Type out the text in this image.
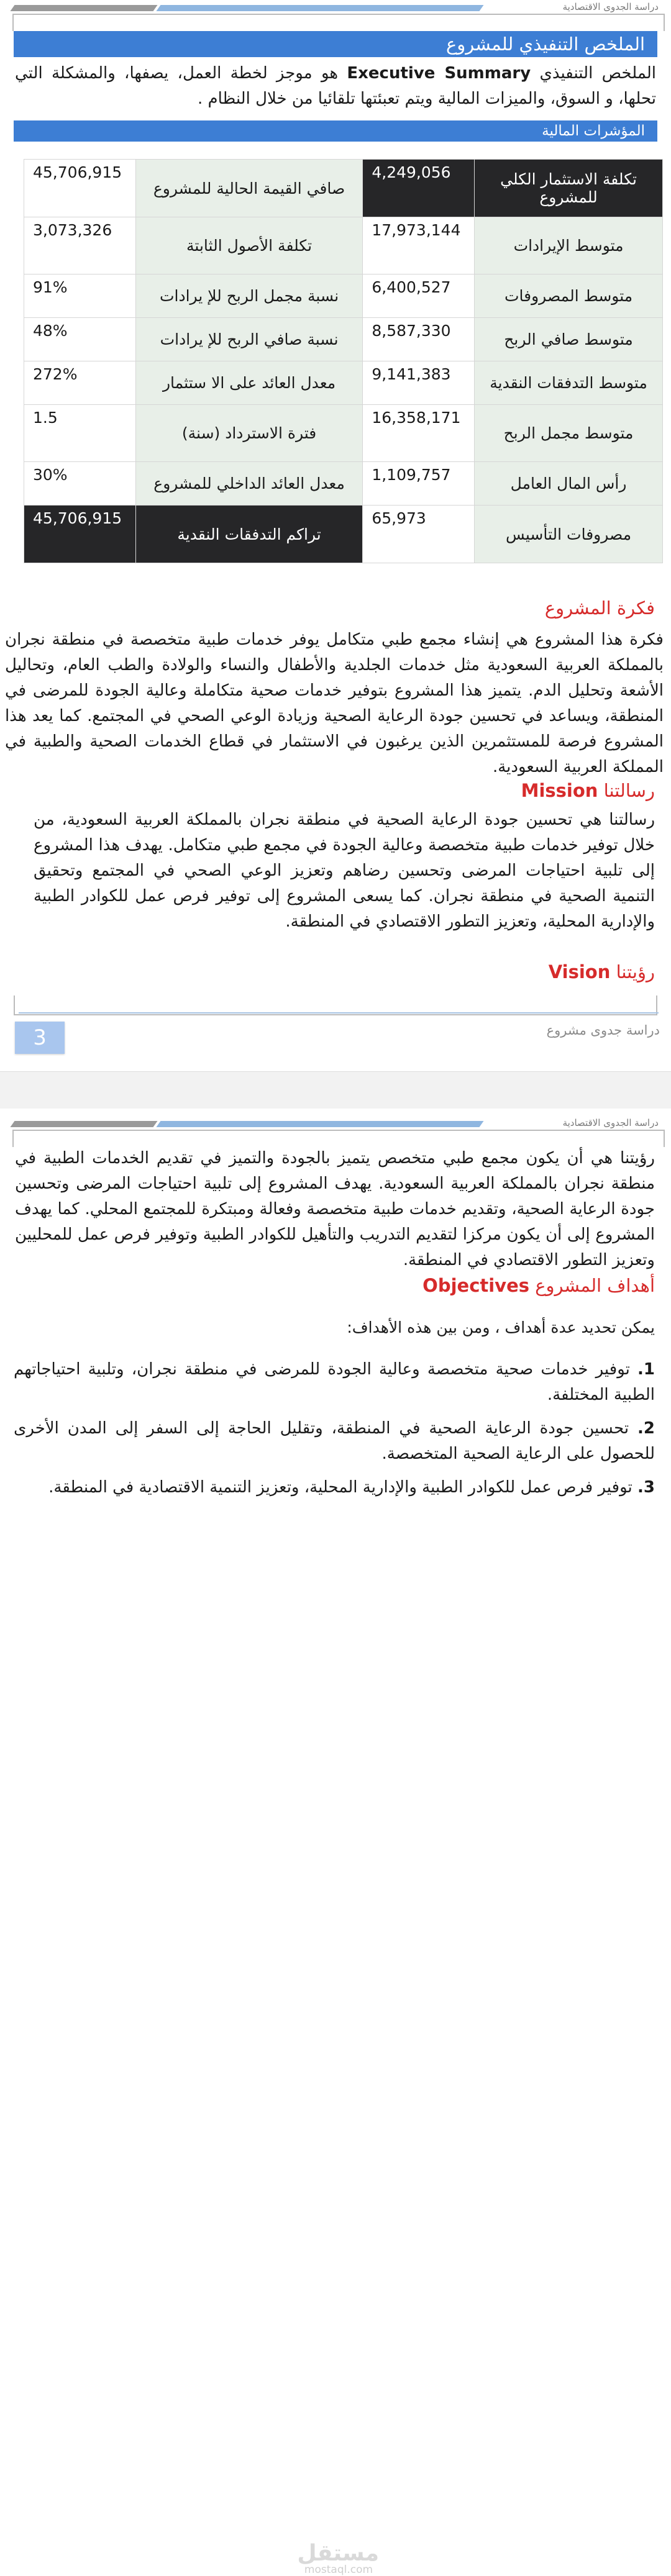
دراسة الجدوى الاقتصادية
الملخص التنفيذي للمشروع
الملخص التنفيذي Executive Summary هو موجز لخطة العمل، يصفها، والمشكلة التي تحلها، و السوق، والميزات المالية ويتم تعبئتها تلقائيا من خلال النظام .
المؤشرات المالية
تكلفة الاستثمار الكلي للمشروع	4,249,056	صافي القيمة الحالية للمشروع	45,706,915
متوسط الإيرادات	17,973,144	تكلفة الأصول الثابتة	3,073,326
متوسط المصروفات	6,400,527	نسبة مجمل الربح للإ يرادات	91%
متوسط صافي الربح	8,587,330	نسبة صافي الربح للإ يرادات	48%
متوسط التدفقات النقدية	9,141,383	معدل العائد على الا ستثمار	272%
متوسط مجمل الربح	16,358,171	فترة الاسترداد (سنة)	1.5
رأس المال العامل	1,109,757	معدل العائد الداخلي للمشروع	30%
مصروفات التأسيس	65,973	تراكم التدفقات النقدية	45,706,915
فكرة المشروع
فكرة هذا المشروع هي إنشاء مجمع طبي متكامل يوفر خدمات طبية متخصصة في منطقة نجران بالمملكة العربية السعودية مثل خدمات الجلدية والأطفال والنساء والولادة والطب العام، وتحاليل الأشعة وتحليل الدم. يتميز هذا المشروع بتوفير خدمات صحية متكاملة وعالية الجودة للمرضى في المنطقة، ويساعد في تحسين جودة الرعاية الصحية وزيادة الوعي الصحي في المجتمع. كما يعد هذا المشروع فرصة للمستثمرين الذين يرغبون في الاستثمار في قطاع الخدمات الصحية والطبية في المملكة العربية السعودية.
رسالتنا Mission
رسالتنا هي تحسين جودة الرعاية الصحية في منطقة نجران بالمملكة العربية السعودية، من خلال توفير خدمات طبية متخصصة وعالية الجودة في مجمع طبي متكامل. يهدف هذا المشروع إلى تلبية احتياجات المرضى وتحسين رضاهم وتعزيز الوعي الصحي في المجتمع وتحقيق التنمية الصحية في منطقة نجران. كما يسعى المشروع إلى توفير فرص عمل للكوادر الطبية والإدارية المحلية، وتعزيز التطور الاقتصادي في المنطقة.
رؤيتنا Vision
3	دراسة جدوى مشروع
دراسة الجدوى الاقتصادية
رؤيتنا هي أن يكون مجمع طبي متخصص يتميز بالجودة والتميز في تقديم الخدمات الطبية في منطقة نجران بالمملكة العربية السعودية. يهدف المشروع إلى تلبية احتياجات المرضى وتحسين جودة الرعاية الصحية، وتقديم خدمات طبية متخصصة وفعالة ومبتكرة للمجتمع المحلي. كما يهدف المشروع إلى أن يكون مركزا لتقديم التدريب والتأهيل للكوادر الطبية وتوفير فرص عمل للمحليين وتعزيز التطور الاقتصادي في المنطقة.
أهداف المشروع Objectives
يمكن تحديد عدة أهداف ، ومن بين هذه الأهداف:
1. توفير خدمات صحية متخصصة وعالية الجودة للمرضى في منطقة نجران، وتلبية احتياجاتهم الطبية المختلفة.
2. تحسين جودة الرعاية الصحية في المنطقة، وتقليل الحاجة إلى السفر إلى المدن الأخرى للحصول على الرعاية الصحية المتخصصة.
3. توفير فرص عمل للكوادر الطبية والإدارية المحلية، وتعزيز التنمية الاقتصادية في المنطقة.
مستقل
mostaql.com
